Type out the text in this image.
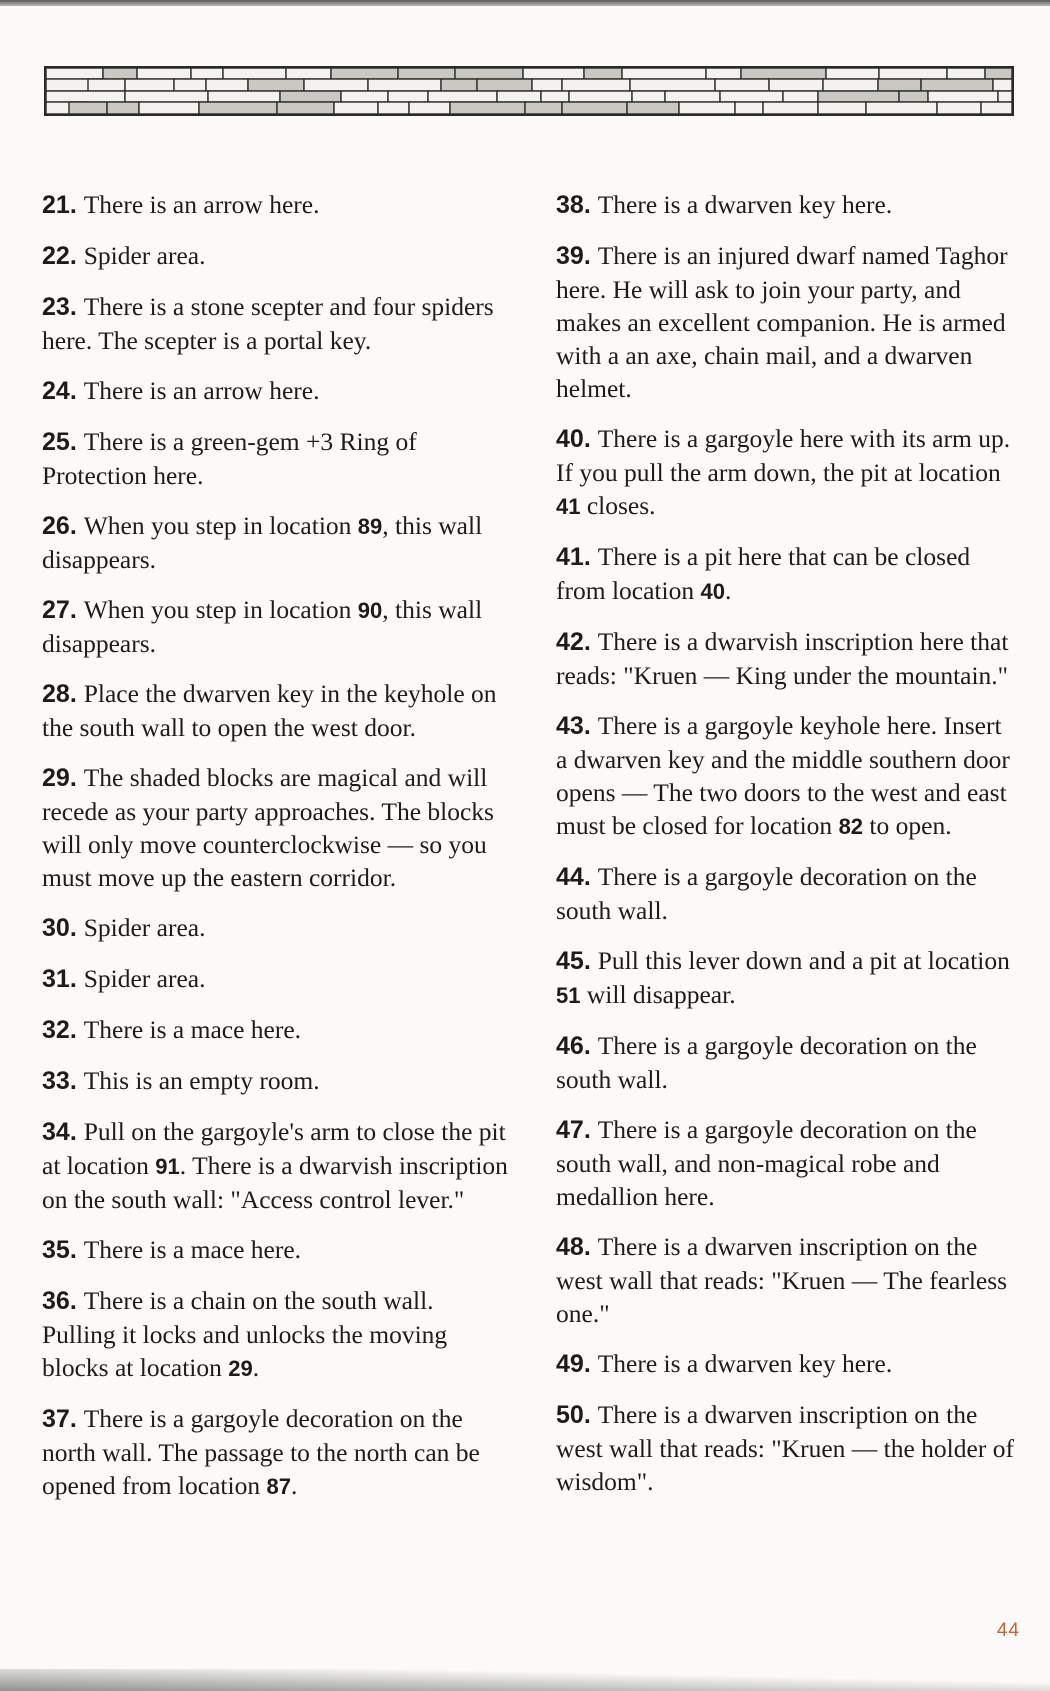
21. There is an arrow here.
22. Spider area.
23. There is a stone scepter and four spiders here. The scepter is a portal key.
24. There is an arrow here.
25. There is a green-gem +3 Ring of Protection here.
26. When you step in location 89, this wall disappears.
27. When you step in location 90, this wall disappears.
28. Place the dwarven key in the keyhole on the south wall to open the west door.
29. The shaded blocks are magical and will recede as your party approaches. The blocks will only move counterclockwise — so you must move up the eastern corridor.
30. Spider area.
31. Spider area.
32. There is a mace here.
33. This is an empty room.
34. Pull on the gargoyle's arm to close the pit at location 91. There is a dwarvish inscription on the south wall: "Access control lever."
35. There is a mace here.
36. There is a chain on the south wall. Pulling it locks and unlocks the moving blocks at location 29.
37. There is a gargoyle decoration on the north wall. The passage to the north can be opened from location 87.
38. There is a dwarven key here.
39. There is an injured dwarf named Taghor here. He will ask to join your party, and makes an excellent companion. He is armed with a an axe, chain mail, and a dwarven helmet.
40. There is a gargoyle here with its arm up. If you pull the arm down, the pit at location 41 closes.
41. There is a pit here that can be closed from location 40.
42. There is a dwarvish inscription here that reads: "Kruen — King under the mountain."
43. There is a gargoyle keyhole here. Insert a dwarven key and the middle southern door opens — The two doors to the west and east must be closed for location 82 to open.
44. There is a gargoyle decoration on the south wall.
45. Pull this lever down and a pit at location 51 will disappear.
46. There is a gargoyle decoration on the south wall.
47. There is a gargoyle decoration on the south wall, and non-magical robe and medallion here.
48. There is a dwarven inscription on the west wall that reads: "Kruen — The fearless one."
49. There is a dwarven key here.
50. There is a dwarven inscription on the west wall that reads: "Kruen — the holder of wisdom".
44
